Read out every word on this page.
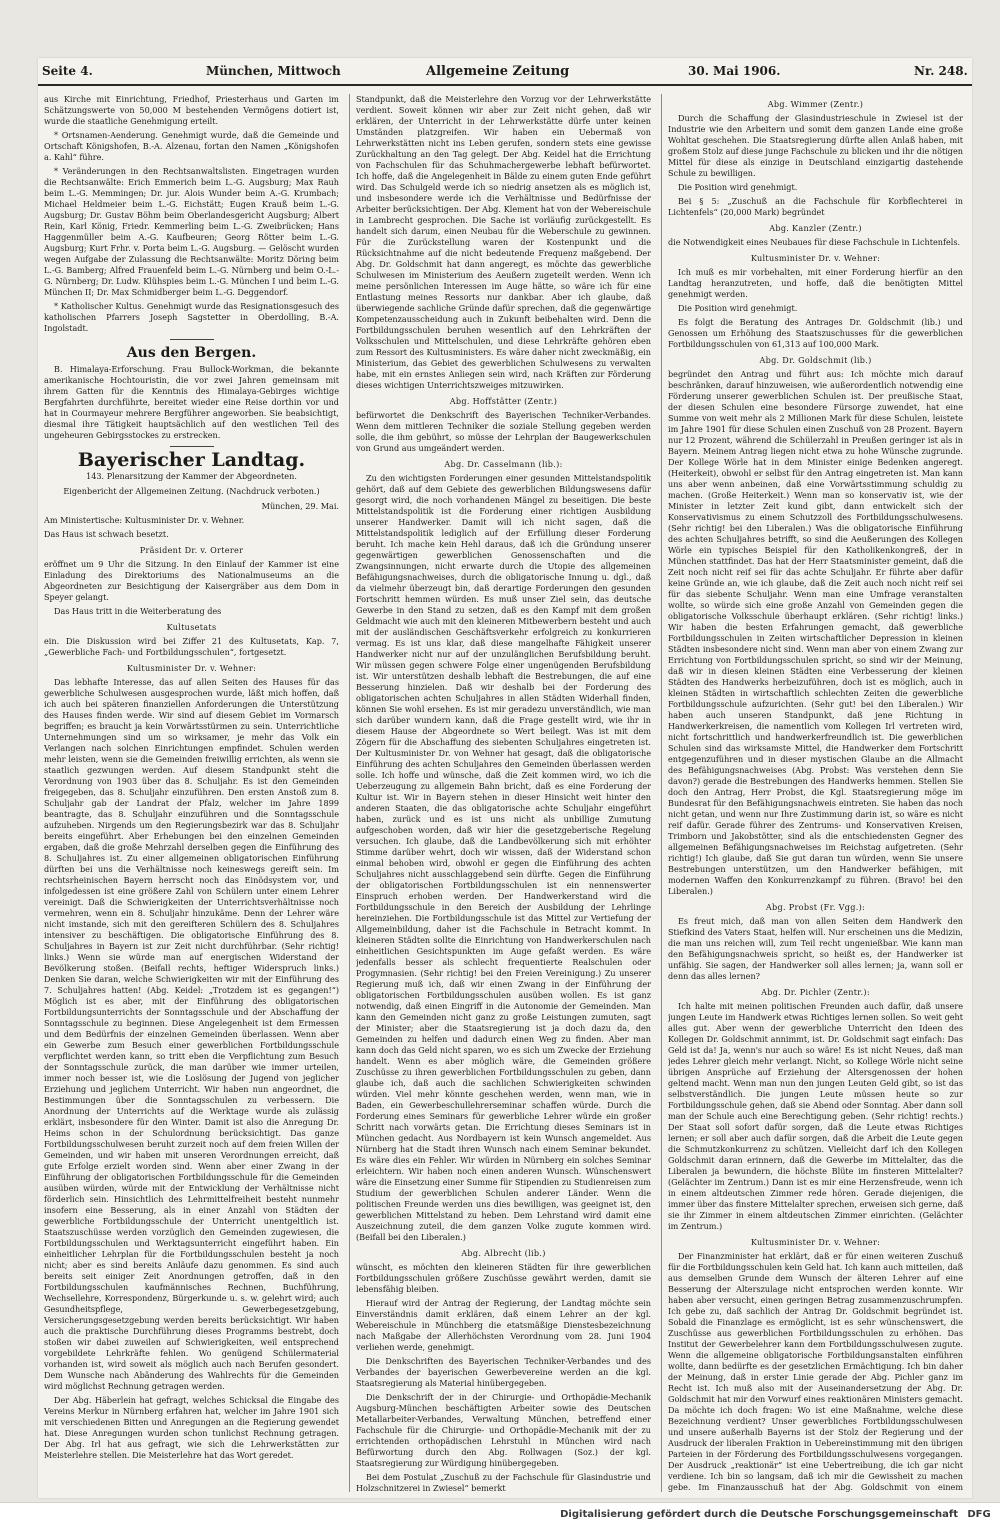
Seite 4.	München, Mittwoch	Allgemeine Zeitung	30. Mai 1906.	Nr. 248.

aus Kirche mit Einrichtung, Friedhof, Priesterhaus und Garten im Schätzungswerte von 50,000 M bestehenden Vermögens dotiert ist, wurde die staatliche Genehmigung erteilt.

* Ortsnamen-Aenderung. Genehmigt wurde, daß die Gemeinde und Ortschaft Königshofen, B.-A. Alzenau, fortan den Namen „Königshofen a. Kahl“ führe.

* Veränderungen in den Rechtsanwaltslisten. Eingetragen wurden die Rechtsanwälte: Erich Emmerich beim L.-G. Augsburg; Max Rauh beim L.-G. Memmingen; Dr. jur. Alois Wunder beim A.-G. Krumbach; Michael Heldmeier beim L.-G. Eichstätt; Eugen Krauß beim L.-G. Augsburg; Dr. Gustav Böhm beim Oberlandesgericht Augsburg; Albert Rein, Karl König, Friedr. Kemmerling beim L.-G. Zweibrücken; Hans Haggenmüller beim A.-G. Kaufbeuren; Georg Rötter beim L.-G. Augsburg; Kurt Frhr. v. Porta beim L.-G. Augsburg. — Gelöscht wurden wegen Aufgabe der Zulassung die Rechtsanwälte: Moritz Döring beim L.-G. Bamberg; Alfred Frauenfeld beim L.-G. Nürnberg und beim O.-L.-G. Nürnberg; Dr. Ludw. Klühspies beim L.-G. München I und beim L.-G. München II; Dr. Max Schmidberger beim L.-G. Deggendorf.

* Katholischer Kultus. Genehmigt wurde das Resignationsgesuch des katholischen Pfarrers Joseph Sagstetter in Oberdolling, B.-A. Ingolstadt.

Aus den Bergen.

B. Himalaya-Erforschung. Frau Bullock-Workman, die bekannte amerikanische Hochtouristin, die vor zwei Jahren gemeinsam mit ihrem Gatten für die Kenntnis des Himalaya-Gebirges wichtige Bergfahrten durchführte, bereitet wieder eine Reise dorthin vor und hat in Courmayeur mehrere Bergführer angeworben. Sie beabsichtigt, diesmal ihre Tätigkeit hauptsächlich auf den westlichen Teil des ungeheuren Gebirgsstockes zu erstrecken.

Bayerischer Landtag.

143. Plenarsitzung der Kammer der Abgeordneten.

Eigenbericht der Allgemeinen Zeitung. (Nachdruck verboten.)

München, 29. Mai.

Am Ministertische: Kultusminister Dr. v. Wehner.

Das Haus ist schwach besetzt.

Präsident Dr. v. Orterer

eröffnet um 9 Uhr die Sitzung. In den Einlauf der Kammer ist eine Einladung des Direktoriums des Nationalmuseums an die Abgeordneten zur Besichtigung der Kaisergräber aus dem Dom in Speyer gelangt.

Das Haus tritt in die Weiterberatung des

Kultusetats

ein. Die Diskussion wird bei Ziffer 21 des Kultusetats, Kap. 7, „Gewerbliche Fach- und Fortbildungsschulen“, fortgesetzt.

Kultusminister Dr. v. Wehner:

Das lebhafte Interesse, das auf allen Seiten des Hauses für das gewerbliche Schulwesen ausgesprochen wurde, läßt mich hoffen, daß ich auch bei späteren finanziellen Anforderungen die Unterstützung des Hauses finden werde. Wir sind auf diesem Gebiet im Vormarsch begriffen; es braucht ja kein Vorwärtsstürmen zu sein. Unterrichtliche Unternehmungen sind um so wirksamer, je mehr das Volk ein Verlangen nach solchen Einrichtungen empfindet. Schulen werden mehr leisten, wenn sie die Gemeinden freiwillig errichten, als wenn sie staatlich gezwungen werden. Auf diesem Standpunkt steht die Verordnung von 1903 über das 8. Schuljahr. Es ist den Gemeinden freigegeben, das 8. Schuljahr einzuführen. Den ersten Anstoß zum 8. Schuljahr gab der Landrat der Pfalz, welcher im Jahre 1899 beantragte, das 8. Schuljahr einzuführen und die Sonntagsschule aufzuheben. Nirgends um den Regierungsbezirk war das 8. Schuljahr bereits eingeführt. Aber Erhebungen bei den einzelnen Gemeinden ergaben, daß die große Mehrzahl derselben gegen die Einführung des 8. Schuljahres ist. Zu einer allgemeinen obligatorischen Einführung dürften bei uns die Verhältnisse noch keineswegs gereift sein. Im rechtsrheinischen Bayern herrscht noch das Einödsystem vor, und infolgedessen ist eine größere Zahl von Schülern unter einem Lehrer vereinigt. Daß die Schwierigkeiten der Unterrichtsverhältnisse noch vermehren, wenn ein 8. Schuljahr hinzukäme. Denn der Lehrer wäre nicht imstande, sich mit den gereifteren Schülern des 8. Schuljahres intensiver zu beschäftigen. Die obligatorische Einführung des 8. Schuljahres in Bayern ist zur Zeit nicht durchführbar. (Sehr richtig! links.) Wenn sie würde man auf energischen Widerstand der Bevölkerung stoßen. (Beifall rechts, heftiger Widerspruch links.) Denken Sie daran, welche Schwierigkeiten wir mit der Einführung des 7. Schuljahres hatten! (Abg. Keidel: „Trotzdem ist es gegangen!“) Möglich ist es aber, mit der Einführung des obligatorischen Fortbildungsunterrichts der Sonntagsschule und der Abschaffung der Sonntagsschule zu beginnen. Diese Angelegenheit ist dem Ermessen und dem Bedürfnis der einzelnen Gemeinden überlassen. Wenn aber ein Gewerbe zum Besuch einer gewerblichen Fortbildungsschule verpflichtet werden kann, so tritt eben die Verpflichtung zum Besuch der Sonntagsschule zurück, die man darüber wie immer urteilen, immer noch besser ist, wie die Loslösung der Jugend von jeglicher Erziehung und jeglichem Unterricht. Wir haben nun angeordnet, die Bestimmungen über die Sonntagsschulen zu verbessern. Die Anordnung der Unterrichts auf die Werktage wurde als zulässig erklärt, insbesondere für den Winter. Damit ist also die Anregung Dr. Heims schon in der Schulordnung berücksichtigt. Das ganze Fortbildungsschulwesen beruht zurzeit noch auf dem freien Willen der Gemeinden, und wir haben mit unseren Verordnungen erreicht, daß gute Erfolge erzielt worden sind. Wenn aber einer Zwang in der Einführung der obligatorischen Fortbildungsschule für die Gemeinden ausüben würden, würde mit der Entwicklung der Verhältnisse nicht förderlich sein. Hinsichtlich des Lehrmittelfreiheit besteht nunmehr insofern eine Besserung, als in einer Anzahl von Städten der gewerbliche Fortbildungsschule der Unterricht unentgeltlich ist. Staatszuschüsse werden vorzüglich den Gemeinden zugewiesen, die Fortbildungsschulen und Werktagsunterricht eingeführt haben. Ein einheitlicher Lehrplan für die Fortbildungsschulen besteht ja noch nicht; aber es sind bereits Anläufe dazu genommen. Es sind auch bereits seit einiger Zeit Anordnungen getroffen, daß in den Fortbildungsschulen kaufmännisches Rechnen, Buchführung, Wechsellehre, Korrespondenz, Bürgerkunde u. s. w. gelehrt wird; auch Gesundheitspflege, Gewerbegesetzgebung, Versicherungsgesetzgebung werden bereits berücksichtigt. Wir haben auch die praktische Durchführung dieses Programms bestrebt, doch stoßen wir dabei zuweilen auf Schwierigkeiten, weil entsprechend vorgebildete Lehrkräfte fehlen. Wo genügend Schülermaterial vorhanden ist, wird soweit als möglich auch nach Berufen gesondert. Dem Wunsche nach Abänderung des Wahlrechts für die Gemeinden wird möglichst Rechnung getragen werden.

Der Abg. Häberlein hat gefragt, welches Schicksal die Eingabe des Vereins Merkur in Nürnberg erfahren hat, welcher im Jahre 1901 sich mit verschiedenen Bitten und Anregungen an die Regierung gewendet hat. Diese Anregungen wurden schon tunlichst Rechnung getragen. Der Abg. Irl hat aus gefragt, wie sich die Lehrwerkstätten zur Meisterlehre stellen. Die Meisterlehre hat das Wort geredet.

Standpunkt, daß die Meisterlehre den Vorzug vor der Lehrwerkstätte verdient. Soweit können wir aber zur Zeit nicht gehen, daß wir erklären, der Unterricht in der Lehrwerkstätte dürfe unter keinen Umständen platzgreifen. Wir haben ein Uebermaß von Lehrwerkstätten nicht ins Leben gerufen, sondern stets eine gewisse Zurückhaltung an den Tag gelegt. Der Abg. Keidel hat die Errichtung von Fachschulen für das Schuhmachergewerbe lebhaft befürwortet. Ich hoffe, daß die Angelegenheit in Bälde zu einem guten Ende geführt wird. Das Schulgeld werde ich so niedrig ansetzen als es möglich ist, und insbesondere werde ich die Verhältnisse und Bedürfnisse der Arbeiter berücksichtigen. Der Abg. Klement hat von der Webereischule in Lambrecht gesprochen. Die Sache ist vorläufig zurückgestellt. Es handelt sich darum, einen Neubau für die Weberschule zu gewinnen. Für die Zurückstellung waren der Kostenpunkt und die Rücksichtnahme auf die nicht bedeutende Frequenz maßgebend. Der Abg. Dr. Goldschmit hat dann angeregt, es möchte das gewerbliche Schulwesen im Ministerium des Aeußern zugeteilt werden. Wenn ich meine persönlichen Interessen im Auge hätte, so wäre ich für eine Entlastung meines Ressorts nur dankbar. Aber ich glaube, daß überwiegende sachliche Gründe dafür sprechen, daß die gegenwärtige Kompetenzausscheidung auch in Zukunft beibehalten wird. Denn die Fortbildungsschulen beruhen wesentlich auf den Lehrkräften der Volksschulen und Mittelschulen, und diese Lehrkräfte gehören eben zum Ressort des Kultusministers. Es wäre daher nicht zweckmäßig, ein Ministerium, das Gebiet des gewerblichen Schulwesens zu verwalten habe, mit ein ernstes Anliegen sein wird, nach Kräften zur Förderung dieses wichtigen Unterrichtszweiges mitzuwirken.

Abg. Hoffstätter (Zentr.)

befürwortet die Denkschrift des Bayerischen Techniker-Verbandes. Wenn dem mittleren Techniker die soziale Stellung gegeben werden solle, die ihm gebührt, so müsse der Lehrplan der Baugewerkschulen von Grund aus umgeändert werden.

Abg. Dr. Casselmann (lib.):

Zu den wichtigsten Forderungen einer gesunden Mittelstandspolitik gehört, daß auf dem Gebiete des gewerblichen Bildungswesens dafür gesorgt wird, die noch vorhandenen Mängel zu beseitigen. Die beste Mittelstandspolitik ist die Forderung einer richtigen Ausbildung unserer Handwerker. Damit will ich nicht sagen, daß die Mittelstandspolitik lediglich auf der Erfüllung dieser Forderung beruht. Ich mache kein Hehl daraus, daß ich die Gründung unserer gegenwärtigen gewerblichen Genossenschaften und die Zwangsinnungen, nicht erwarte durch die Utopie des allgemeinen Befähigungsnachweises, durch die obligatorische Innung u. dgl., daß da vielmehr überzeugt bin, daß derartige Forderungen den gesunden Fortschritt hemmen würden. Es muß unser Ziel sein, das deutsche Gewerbe in den Stand zu setzen, daß es den Kampf mit dem großen Geldmacht wie auch mit den kleineren Mitbewerbern besteht und auch mit der ausländischen Geschäftsverkehr erfolgreich zu konkurrieren vermag. Es ist uns klar, daß diese mangelhafte Fähigkeit unserer Handwerker nicht nur auf der unzulänglichen Berufsbildung beruht. Wir müssen gegen schwere Folge einer ungenügenden Berufsbildung ist. Wir unterstützen deshalb lebhaft die Bestrebungen, die auf eine Besserung hinzielen. Daß wir deshalb bei der Forderung des obligatorischen achten Schuljahres in allen Städten Widerhall finden, können Sie wohl ersehen. Es ist mir geradezu unverständlich, wie man sich darüber wundern kann, daß die Frage gestellt wird, wie ihr in diesem Hause der Abgeordnete so Wert beilegt. Was ist mit dem Zögern für die Abschaffung des siebenten Schuljahres eingetreten ist. Der Kultusminister Dr. von Wehner hat gesagt, daß die obligatorische Einführung des achten Schuljahres den Gemeinden überlassen werden solle. Ich hoffe und wünsche, daß die Zeit kommen wird, wo ich die Ueberzeugung zu allgemein Bahn bricht, daß es eine Forderung der Kultur ist. Wir in Bayern stehen in dieser Hinsicht weit hinter den anderen Staaten, die das obligatorische achte Schuljahr eingeführt haben, zurück und es ist uns nicht als unbillige Zumutung aufgeschoben worden, daß wir hier die gesetzgeberische Regelung versuchen. Ich glaube, daß die Landbevölkerung sich mit erhöhter Stimme darüber wehrt, doch wir wissen, daß der Widerstand schon einmal behoben wird, obwohl er gegen die Einführung des achten Schuljahres nicht ausschlaggebend sein dürfte. Gegen die Einführung der obligatorischen Fortbildungsschulen ist ein nennenswerter Einspruch erhoben werden. Der Handwerkerstand wird die Fortbildungsschule in den Bereich der Ausbildung der Lehrlinge hereinziehen. Die Fortbildungsschule ist das Mittel zur Vertiefung der Allgemeinbildung, daher ist die Fachschule in Betracht kommt. In kleineren Städten sollte die Einrichtung von Handwerkerschulen nach einheitlichen Gesichtspunkten im Auge gefaßt werden. Es wäre jedenfalls besser als schlecht frequentierte Realschulen oder Progymnasien. (Sehr richtig! bei den Freien Vereinigung.) Zu unserer Regierung muß ich, daß wir einen Zwang in der Einführung der obligatorischen Fortbildungsschulen ausüben wollen. Es ist ganz notwendig, daß einen Eingriff in die Autonomie der Gemeinden. Man kann den Gemeinden nicht ganz zu große Leistungen zumuten, sagt der Minister; aber die Staatsregierung ist ja doch dazu da, den Gemeinden zu helfen und dadurch einen Weg zu finden. Aber man kann doch das Geld nicht sparen, wo es sich um Zwecke der Erziehung handelt. Wenn es aber möglich wäre, die Gemeinden größere Zuschüsse zu ihren gewerblichen Fortbildungsschulen zu geben, dann glaube ich, daß auch die sachlichen Schwierigkeiten schwinden würden. Viel mehr könnte geschehen werden, wenn man, wie in Baden, ein Gewerbeschullehrerseminar schaffen würde. Durch die Forderung eines Seminars für gewerbliche Lehrer würde ein großer Schritt nach vorwärts getan. Die Errichtung dieses Seminars ist in München gedacht. Aus Nordbayern ist kein Wunsch angemeldet. Aus Nürnberg hat die Stadt ihren Wunsch nach einem Seminar bekundet. Es wäre dies ein Fehler. Wir würden in Nürnberg ein solches Seminar erleichtern. Wir haben noch einen anderen Wunsch. Wünschenswert wäre die Einsetzung einer Summe für Stipendien zu Studienreisen zum Studium der gewerblichen Schulen anderer Länder. Wenn die politischen Freunde werden uns dies bewilligen, was geeignet ist, den gewerblichen Mittelstand zu heben. Dem Lehrstand wird damit eine Auszeichnung zuteil, die dem ganzen Volke zugute kommen wird. (Beifall bei den Liberalen.)

Abg. Albrecht (lib.)

wünscht, es möchten den kleineren Städten für ihre gewerblichen Fortbildungsschulen größere Zuschüsse gewährt werden, damit sie lebensfähig bleiben.

Hierauf wird der Antrag der Regierung, der Landtag möchte sein Einverständnis damit erklären, daß einem Lehrer an der kgl. Webereischule in Münchberg die etatsmäßige Dienstesbezeichnung nach Maßgabe der Allerhöchsten Verordnung vom 28. Juni 1904 verliehen werde, genehmigt.

Die Denkschriften des Bayerischen Techniker-Verbandes und des Verbandes der bayerischen Gewerbevereine werden an die kgl. Staatsregierung als Material hinübergegeben.

Die Denkschrift der in der Chirurgie- und Orthopädie-Mechanik Augsburg-München beschäftigten Arbeiter sowie des Deutschen Metallarbeiter-Verbandes, Verwaltung München, betreffend einer Fachschule für die Chirurgie- und Orthopädie-Mechanik mit der zu errichtenden orthopädischen Lehrstuhl in München wird nach Befürwortung durch den Abg. Rollwagen (Soz.) der kgl. Staatsregierung zur Würdigung hinübergegeben.

Bei dem Postulat „Zuschuß zu der Fachschule für Glasindustrie und Holzschnitzerei in Zwiesel“ bemerkt

Abg. Wimmer (Zentr.)

Durch die Schaffung der Glasindustrieschule in Zwiesel ist der Industrie wie den Arbeitern und somit dem ganzen Lande eine große Wohltat geschehen. Die Staatsregierung dürfte allen Anlaß haben, mit großem Stolz auf diese junge Fachschule zu blicken und ihr die nötigen Mittel für diese als einzige in Deutschland einzigartig dastehende Schule zu bewilligen.

Die Position wird genehmigt.

Bei § 5: „Zuschuß an die Fachschule für Korbflechterei in Lichtenfels“ (20,000 Mark) begründet

Abg. Kanzler (Zentr.)

die Notwendigkeit eines Neubaues für diese Fachschule in Lichtenfels.

Kultusminister Dr. v. Wehner:

Ich muß es mir vorbehalten, mit einer Forderung hierfür an den Landtag heranzutreten, und hoffe, daß die benötigten Mittel genehmigt werden.

Die Position wird genehmigt.

Es folgt die Beratung des Antrages Dr. Goldschmit (lib.) und Genossen um Erhöhung des Staatszuschusses für die gewerblichen Fortbildungsschulen von 61,313 auf 100,000 Mark.

Abg. Dr. Goldschmit (lib.)

begründet den Antrag und führt aus: Ich möchte mich darauf beschränken, darauf hinzuweisen, wie außerordentlich notwendig eine Förderung unserer gewerblichen Schulen ist. Der preußische Staat, der diesen Schulen eine besondere Fürsorge zuwendet, hat eine Summe von weit mehr als 2 Millionen Mark für diese Schulen, leistete im Jahre 1901 für diese Schulen einen Zuschuß von 28 Prozent. Bayern nur 12 Prozent, während die Schülerzahl in Preußen geringer ist als in Bayern. Meinem Antrag liegen nicht etwa zu hohe Wünsche zugrunde. Der Kollege Wörle hat in dem Minister einige Bedenken angeregt. (Heiterkeit), obwohl er selbst für den Antrag eingetreten ist. Man kann uns aber wenn anbeinen, daß eine Vorwärtsstimmung schuldig zu machen. (Große Heiterkeit.) Wenn man so konservativ ist, wie der Minister in letzter Zeit kund gibt, dann entwickelt sich der Konservativismus zu einem Schutzzoll des Fortbildungsschulwesens. (Sehr richtig! bei den Liberalen.) Was die obligatorische Einführung des achten Schuljahres betrifft, so sind die Aeußerungen des Kollegen Wörle ein typisches Beispiel für den Katholikenkongreß, der in München stattfindet. Das hat der Herr Staatsminister gemeint, daß die Zeit noch nicht reif sei für das achte Schuljahr. Er führte aber dafür keine Gründe an, wie ich glaube, daß die Zeit auch noch nicht reif sei für das siebente Schuljahr. Wenn man eine Umfrage veranstalten wollte, so würde sich eine große Anzahl von Gemeinden gegen die obligatorische Volksschule überhaupt erklären. (Sehr richtig! links.) Wir haben die besten Erfahrungen gemacht, daß gewerbliche Fortbildungsschulen in Zeiten wirtschaftlicher Depression in kleinen Städten insbesondere nicht sind. Wenn man aber von einem Zwang zur Errichtung von Fortbildungsschulen spricht, so sind wir der Meinung, daß wir in diesen kleinen Städten eine Verbesserung der kleinen Städten des Handwerks herbeizuführen, doch ist es möglich, auch in kleinen Städten in wirtschaftlich schlechten Zeiten die gewerbliche Fortbildungsschule aufzurichten. (Sehr gut! bei den Liberalen.) Wir haben auch unseren Standpunkt, daß jene Richtung in Handwerkerkreisen, die namentlich vom Kollegen Irl vertreten wird, nicht fortschrittlich und handwerkerfreundlich ist. Die gewerblichen Schulen sind das wirksamste Mittel, die Handwerker dem Fortschritt entgegenzuführen und in dieser mystischen Glaube an die Allmacht des Befähigungsnachweises (Abg. Probst: Was verstehen denn Sie davon?) gerade die Bestrebungen des Handwerks hemmen. Stellen Sie doch den Antrag, Herr Probst, die Kgl. Staatsregierung möge im Bundesrat für den Befähigungsnachweis eintreten. Sie haben das noch nicht getan, und wenn nur Ihre Zustimmung darin ist, so wäre es nicht reif dafür. Gerade führer des Zentrums- und Konservativen Kreisen, Trimborn und Jakobstötter, sind als die entschiedensten Gegner des allgemeinen Befähigungsnachweises im Reichstag aufgetreten. (Sehr richtig!) Ich glaube, daß Sie gut daran tun würden, wenn Sie unsere Bestrebungen unterstützen, um den Handwerker befähigen, mit modernen Waffen den Konkurrenzkampf zu führen. (Bravo! bei den Liberalen.)

Abg. Probst (Fr. Vgg.):

Es freut mich, daß man von allen Seiten dem Handwerk den Stiefkind des Vaters Staat, helfen will. Nur erscheinen uns die Medizin, die man uns reichen will, zum Teil recht ungenießbar. Wie kann man den Befähigungsnachweis spricht, so heißt es, der Handwerker ist unfähig. Sie sagen, der Handwerker soll alles lernen; ja, wann soll er denn das alles lernen?

Abg. Dr. Pichler (Zentr.):

Ich halte mit meinen politischen Freunden auch dafür, daß unsere jungen Leute im Handwerk etwas Richtiges lernen sollen. So weit geht alles gut. Aber wenn der gewerbliche Unterricht den Ideen des Kollegen Dr. Goldschmit annimmt, ist. Dr. Goldschmit sagt einfach: Das Geld ist da! Ja, wenn's nur auch so wäre! Es ist nicht Neues, daß man jedes Lehrer gleich mehr verlangt. Nicht, so Kollege Wörle nicht seine übrigen Ansprüche auf Erziehung der Altersgenossen der hohen geltend macht. Wenn man nun den jungen Leuten Geld gibt, so ist das selbstverständlich. Die jungen Leute müssen heute so zur Fortbildungsschule gehen, daß sie Abend oder Sonntag. Aber dann soll man der Schule auch eine Berechtigung geben. (Sehr richtig! rechts.) Der Staat soll sofort dafür sorgen, daß die Leute etwas Richtiges lernen; er soll aber auch dafür sorgen, daß die Arbeit die Leute gegen die Schmutzkonkurrenz zu schützen. Vielleicht darf ich den Kollegen Goldschmit daran erinnern, daß die Gewerbe im Mittelalter, das die Liberalen ja bewundern, die höchste Blüte im finsteren Mittelalter? (Gelächter im Zentrum.) Dann ist es mir eine Herzensfreude, wenn ich in einem altdeutschen Zimmer rede hören. Gerade diejenigen, die immer über das finstere Mittelalter sprechen, erweisen sich gerne, daß sie ihr Zimmer in einem altdeutschen Zimmer einrichten. (Gelächter im Zentrum.)

Kultusminister Dr. v. Wehner:

Der Finanzminister hat erklärt, daß er für einen weiteren Zuschuß für die Fortbildungsschulen kein Geld hat. Ich kann auch mitteilen, daß aus demselben Grunde dem Wunsch der älteren Lehrer auf eine Besserung der Alterszulage nicht entsprochen werden konnte. Wir haben aber versucht, einen geringen Betrag zusammenzuschrumpfen. Ich gebe zu, daß sachlich der Antrag Dr. Goldschmit begründet ist. Sobald die Finanzlage es ermöglicht, ist es sehr wünschenswert, die Zuschüsse aus gewerblichen Fortbildungsschulen zu erhöhen. Das Institut der Gewerbelehrer kann dem Fortbildungsschulwesen zugute. Wenn die allgemeine obligatorische Fortbildungsanstalten einführen wollte, dann bedürfte es der gesetzlichen Ermächtigung. Ich bin daher der Meinung, daß in erster Linie gerade der Abg. Pichler ganz im Recht ist. Ich muß also mit der Auseinandersetzung der Abg. Dr. Goldschmit hat mir den Vorwurf eines reaktionären Ministers gemacht. Da möchte ich doch fragen: Wo ist eine Maßnahme, welche diese Bezeichnung verdient? Unser gewerbliches Fortbildungsschulwesen und unsere außerhalb Bayerns ist der Stolz der Regierung und der Ausdruck der liberalen Fraktion in Uebereinstimmung mit den übrigen Parteien in der Förderung des Fortbildungsschulwesens vorgegangen. Der Ausdruck „reaktionär“ ist eine Uebertreibung, die ich gar nicht verdiene. Ich bin so langsam, daß ich mir die Gewissheit zu machen gebe. Im Finanzausschuß hat der Abg. Goldschmit von einem

Digitalisierung gefördert durch die Deutsche Forschungsgemeinschaft DFG
